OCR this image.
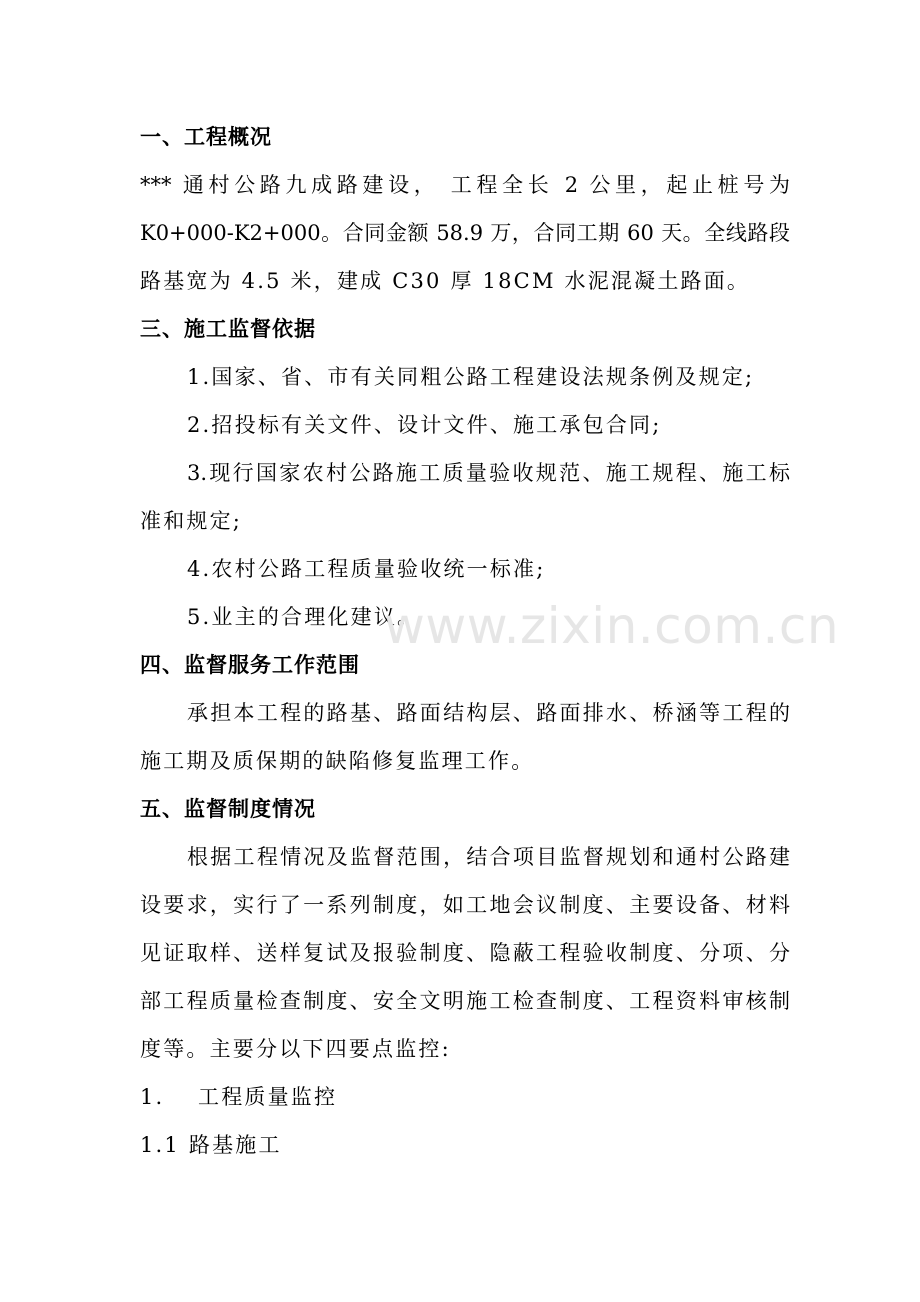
一、工程概况
*** 通村公路九成路建设， 工程全长 2 公里，起止桩号为
K0+000-K2+000。合同金额 58.9 万，合同工期 60 天。全线路段
路基宽为 4.5 米，建成 C30 厚 18CM 水泥混凝土路面。
三、施工监督依据
1.国家、省、市有关同粗公路工程建设法规条例及规定;
2.招投标有关文件、设计文件、施工承包合同;
3.现行国家农村公路施工质量验收规范、施工规程、施工标
准和规定;
4.农村公路工程质量验收统一标准;
5.业主的合理化建议。
四、监督服务工作范围
承担本工程的路基、路面结构层、路面排水、桥涵等工程的
施工期及质保期的缺陷修复监理工作。
五、监督制度情况
根据工程情况及监督范围，结合项目监督规划和通村公路建
设要求，实行了一系列制度，如工地会议制度、主要设备、材料
见证取样、送样复试及报验制度、隐蔽工程验收制度、分项、分
部工程质量检查制度、安全文明施工检查制度、工程资料审核制
度等。主要分以下四要点监控:
1. 工程质量监控
1.1 路基施工
www.zixin.com.cn
